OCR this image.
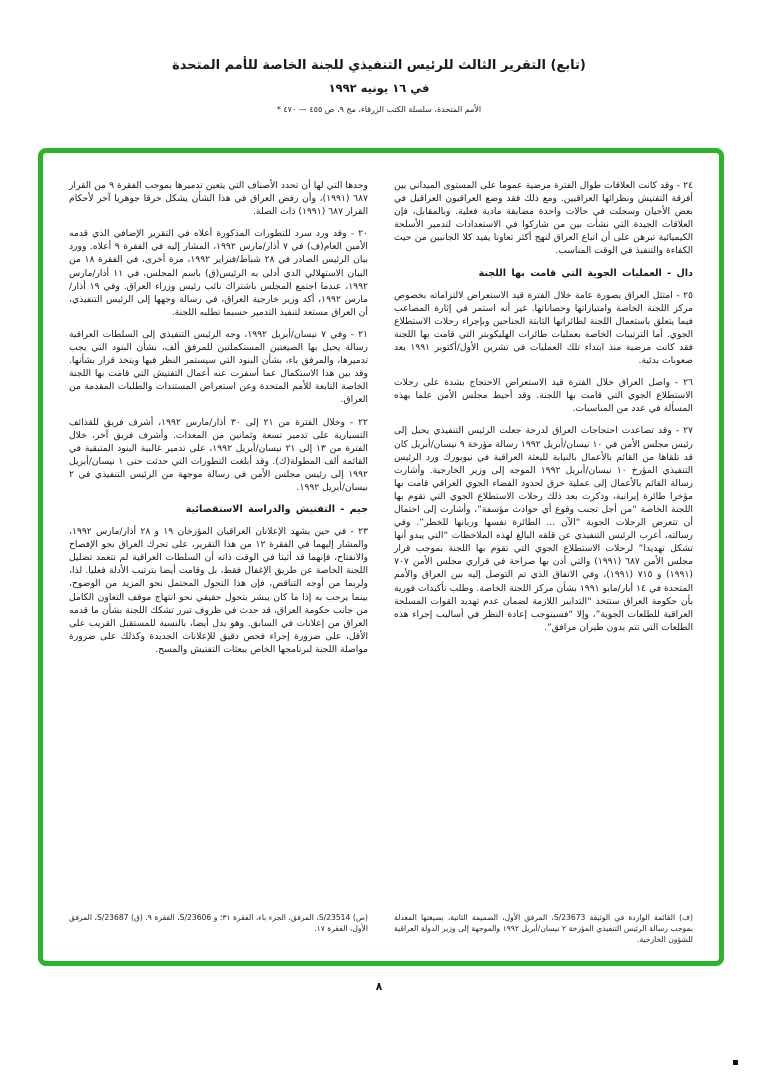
(تابع) التقرير الثالث للرئيس التنفيذي للجنة الخاصة للأمم المتحدة
في ١٦ يونيه ١٩٩٢
الأمم المتحدة، سلسلة الكتب الزرقاء، مج ٩، ص ٤٥٥ — ٤٧٠ *

٢٤ - وقد كانت العلاقات طوال الفترة مرضية عموما على المستوى الميداني بين أفرقة التفتيش ونظرائها العراقيين. ومع ذلك فقد وضع العراقيون العراقيل في بعض الأحيان وسجلت في حالات واحدة مضايقة مادية فعلية. وبالمقابل، فإن العلاقات الجيدة التي نشأت بين من شاركوا في الاستعدادات لتدمير الأسلحة الكيميائية تبرهن على أن اتباع العراق لنهج أكثر تعاونا يفيد كلا الجانبين من حيث الكفاءة والتنفيذ في الوقت المناسب.

دال - العمليات الجوية التي قامت بها اللجنة

٢٥ - امتثل العراق بصورة عامة خلال الفترة قيد الاستعراض لالتزاماته بخصوص مركز اللجنة الخاصة وامتيازاتها وحصاناتها. غير أنه استمر في إثارة المصاعب فيما يتعلق باستعمال اللجنة لطائراتها الثابتة الجناحين وبإجراء رحلات الاستطلاع الجوي. أما الترتيبات الخاصة بعمليات طائرات الهليكوبتر التي قامت بها اللجنة فقد كانت مرضية منذ ابتداء تلك العمليات في تشرين الأول/أكتوبر ١٩٩١ بعد صعوبات بدئية.

٢٦ - واصل العراق خلال الفترة قيد الاستعراض الاحتجاج بشدة على رحلات الاستطلاع الجوي التي قامت بها اللجنة. وقد أحيط مجلس الأمن علما بهذه المسألة في عدد من المناسبات.

٢٧ - وقد تصاعدت احتجاجات العراق لدرجة جعلت الرئيس التنفيذي يحيل إلى رئيس مجلس الأمن في ١٠ نيسان/أبريل ١٩٩٢ رسالة مؤرخة ٩ نيسان/أبريل كان قد تلقاها من القائم بالأعمال بالنيابة للبعثة العراقية في نيويورك ورد الرئيس التنفيذي المؤرخ ١٠ نيسان/أبريل ١٩٩٢ الموجه إلى وزير الخارجية. وأشارت رسالة القائم بالأعمال إلى عملية خرق لحدود الفضاء الجوي العراقي قامت بها مؤخرا طائرة إيرانية، وذكرت بعد ذلك رحلات الاستطلاع الجوي التي تقوم بها اللجنة الخاصة “من أجل تجنب وقوع أي حوادث مؤسفة”، وأشارت إلى احتمال أن تتعرض الرحلات الجوية “الآن ... الطائرة نفسها وربانها للخطر”. وفي رسالته، أعرب الرئيس التنفيذي عن قلقه البالغ لهذه الملاحظات “التي يبدو أنها تشكل تهديدا” لرحلات الاستطلاع الجوي التي تقوم بها اللجنة بموجب قرار مجلس الأمن ٦٨٧ (١٩٩١) والتي أذن بها صراحة في قراري مجلس الأمن ٧٠٧ (١٩٩١) و ٧١٥ (١٩٩١)، وفي الاتفاق الذي تم التوصل إليه بين العراق والأمم المتحدة في ١٤ أيار/مايو ١٩٩١ بشأن مركز اللجنة الخاصة. وطلب تأكيدات فورية بأن حكومة العراق ستتخذ “التدابير اللازمة لضمان عدم تهديد القوات المسلحة العراقية للطلعات الجوية”، وإلا “فسيتوجب إعادة النظر في أساليب إجراء هذه الطلعات التي تتم بدون طيران مرافق”.

وحدها التي لها أن تحدد الأصناف التي يتعين تدميرها بموجب الفقرة ٩ من القرار ٦٨٧ (١٩٩١)، وأن رفض العراق في هذا الشأن يشكل خرقا جوهريا آخر لأحكام القرار ٦٨٧ (١٩٩١) ذات الصلة.

٢٠ - وقد ورد سرد للتطورات المذكورة أعلاه في التقرير الإضافي الذي قدمه الأمين العام(ف) في ٧ أذار/مارس ١٩٩٢، المشار إليه في الفقرة ٩ أعلاه. وورد بيان الرئيس الصادر في ٢٨ شباط/فبراير ١٩٩٢، مرة أخرى، في الفقرة ١٨ من البيان الاستهلالي الذي أدلى به الرئيس(ق) باسم المجلس، في ١١ أذار/مارس ١٩٩٢، عندما اجتمع المجلس باشتراك نائب رئيس وزراء العراق. وفي ١٩ أذار/مارس ١٩٩٢، أكد وزير خارجية العراق، في رسالة وجهها إلى الرئيس التنفيذي، أن العراق مستعد لتنفيذ التدمير حسبما تطلبه اللجنة.

٢١ - وفي ٧ نيسان/أبريل ١٩٩٢، وجه الرئيس التنفيذي إلى السلطات العراقية رسالة يحيل بها الصيغتين المستكملتين للمرفق ألف، بشأن البنود التي يجب تدميرها، والمرفق باء، بشأن البنود التي سيستمر النظر فيها ويتخذ قرار بشأنها. وقد بين هذا الاستكمال عما أسفرت عنه أعمال التفتيش التي قامت بها اللجنة الخاصة التابعة للأمم المتحدة وعن استعراض المستندات والطلبات المقدمة من العراق.

٢٢ - وخلال الفترة من ٢١ إلى ٣٠ أذار/مارس ١٩٩٢، أشرف فريق للقذائف التسيارية على تدمير تسعة وثمانين من المعدات. وأشرف فريق آخر، خلال الفترة من ١٣ إلى ٢١ نيسان/أبريل ١٩٩٢، على تدمير غالبية البنود المتبقية في القائمة ألف المطولة(ك). وقد أبلغت التطورات التي حدثت حتى ١ نيسان/أبريل ١٩٩٢ إلى رئيس مجلس الأمن في رسالة موجهة من الرئيس التنفيذي في ٢ نيسان/أبريل ١٩٩٢.

جيم - التفتيش والدراسة الاستقصائية

٢٣ - في حين يشهد الإعلانان العراقيان المؤرخان ١٩ و ٢٨ أذار/مارس ١٩٩٢، والمشار إليهما في الفقرة ١٢ من هذا التقرير، على تحرك العراق نحو الإفصاح والانفتاح، فإنهما قد أثبتا في الوقت ذاته أن السلطات العراقية لم تتعمد تضليل اللجنة الخاصة عن طريق الإغفال فقط، بل وقامت أيضا بترتيب الأدلة فعليا. لذا، ولربما من أوجه التناقض، فإن هذا التحول المحتمل نحو المزيد من الوضوح، بينما يرحب به إذا ما كان يبشر بتحول حقيقي نحو انتهاج موقف التعاون الكامل من جانب حكومة العراق، قد حدث في ظروف تبرر تشكك اللجنة بشأن ما قدمه العراق من إعلانات في السابق. وهو يدل أيضا، بالنسبة للمستقبل القريب على الأقل، على ضرورة إجراء فحص دقيق للإعلانات الجديدة وكذلك على ضرورة مواصلة اللجنة لبرنامجها الخاص ببعثات التفتيش والمسح.

(ف) القائمة الواردة في الوثيقة S/23673، المرفق الأول، الضميمة الثانية، بصيغتها المعدلة بموجب رسالة الرئيس التنفيذي المؤرخة ٢ نيسان/أبريل ١٩٩٢ والموجهة إلى وزير الدولة العراقية للشؤون الخارجية.
(ص) S/23514، المرفق، الجزء باء، الفقرة ٣١؛ و S/23606، الفقرة ٩. (ق) S/23687، المرفق الأول، الفقرة ١٧.
٨
